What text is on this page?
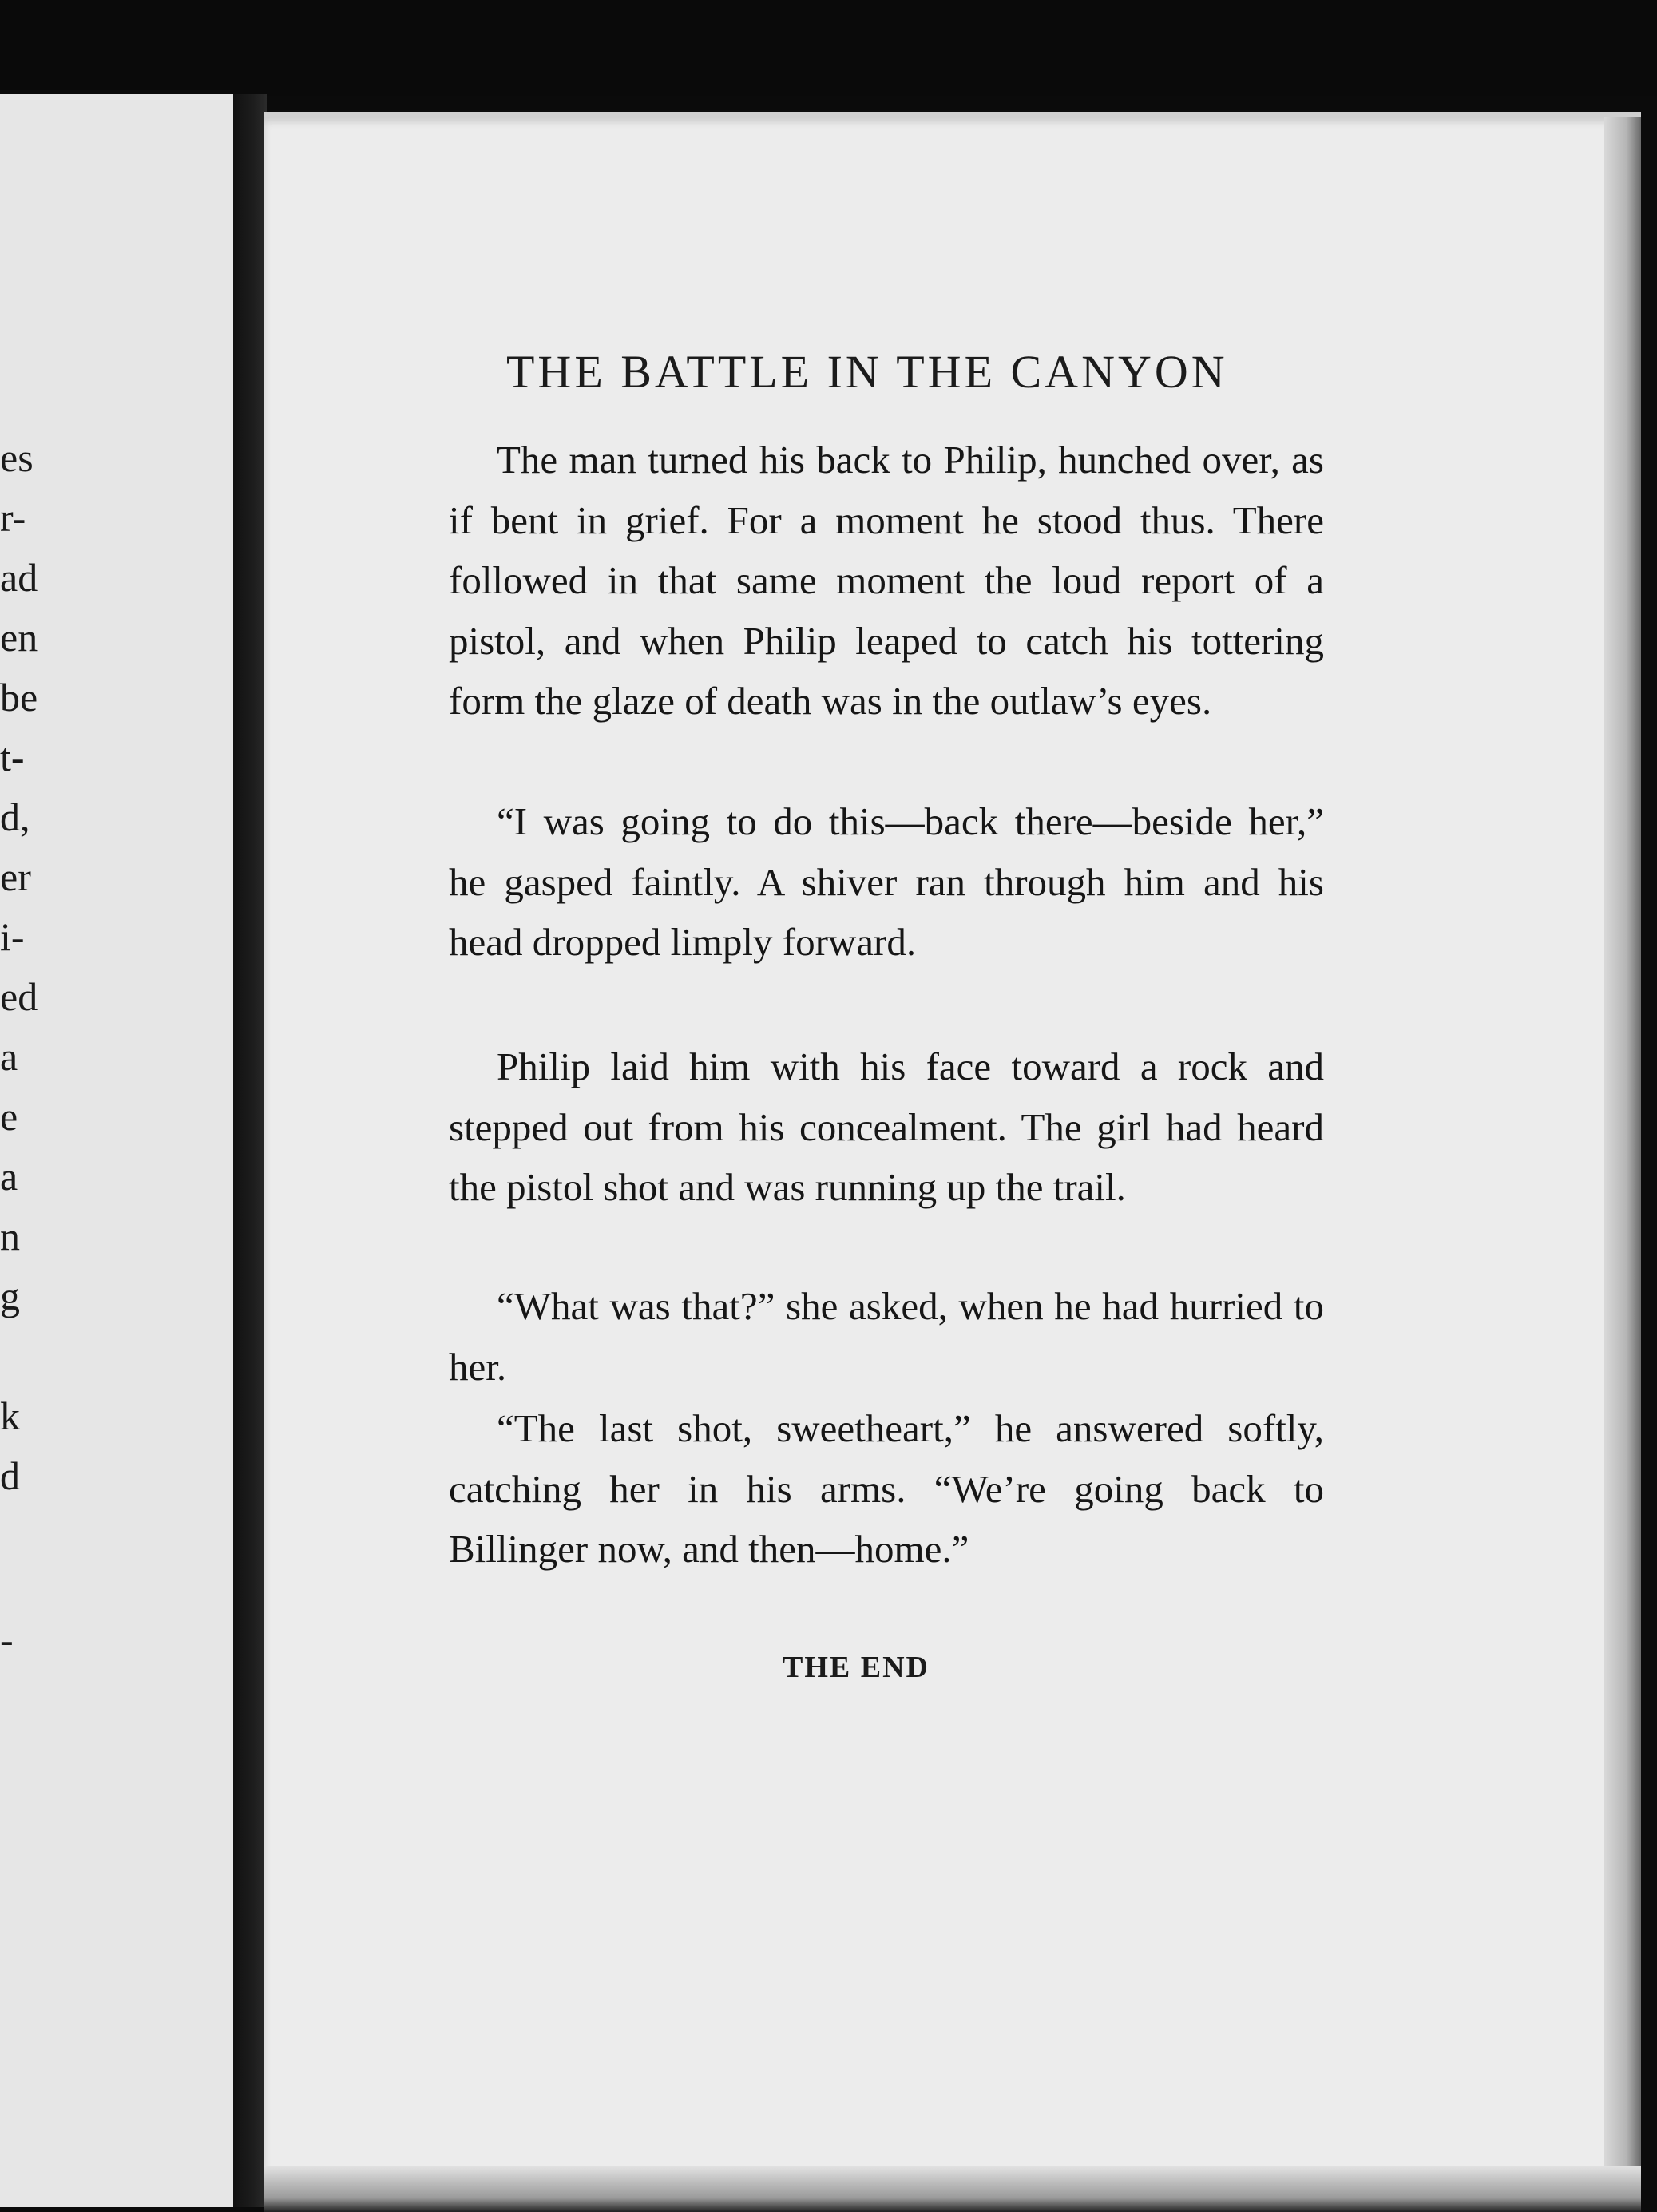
es
r-
ad
en
be
t-
d,
er
i-
ed
a
e
a
n
g
k
d
-
THE BATTLE IN THE CANYON

The man turned his back to Philip, hunched over, as if bent in grief. For a moment he stood thus. There followed in that same moment the loud report of a pistol, and when Philip leaped to catch his tottering form the glaze of death was in the outlaw’s eyes.

“I was going to do this—back there—beside her,” he gasped faintly. A shiver ran through him and his head dropped limply forward.

Philip laid him with his face toward a rock and stepped out from his concealment. The girl had heard the pistol shot and was running up the trail.

“What was that?” she asked, when he had hurried to her.

“The last shot, sweetheart,” he answered softly, catching her in his arms. “We’re going back to Billinger now, and then—home.”

THE END
